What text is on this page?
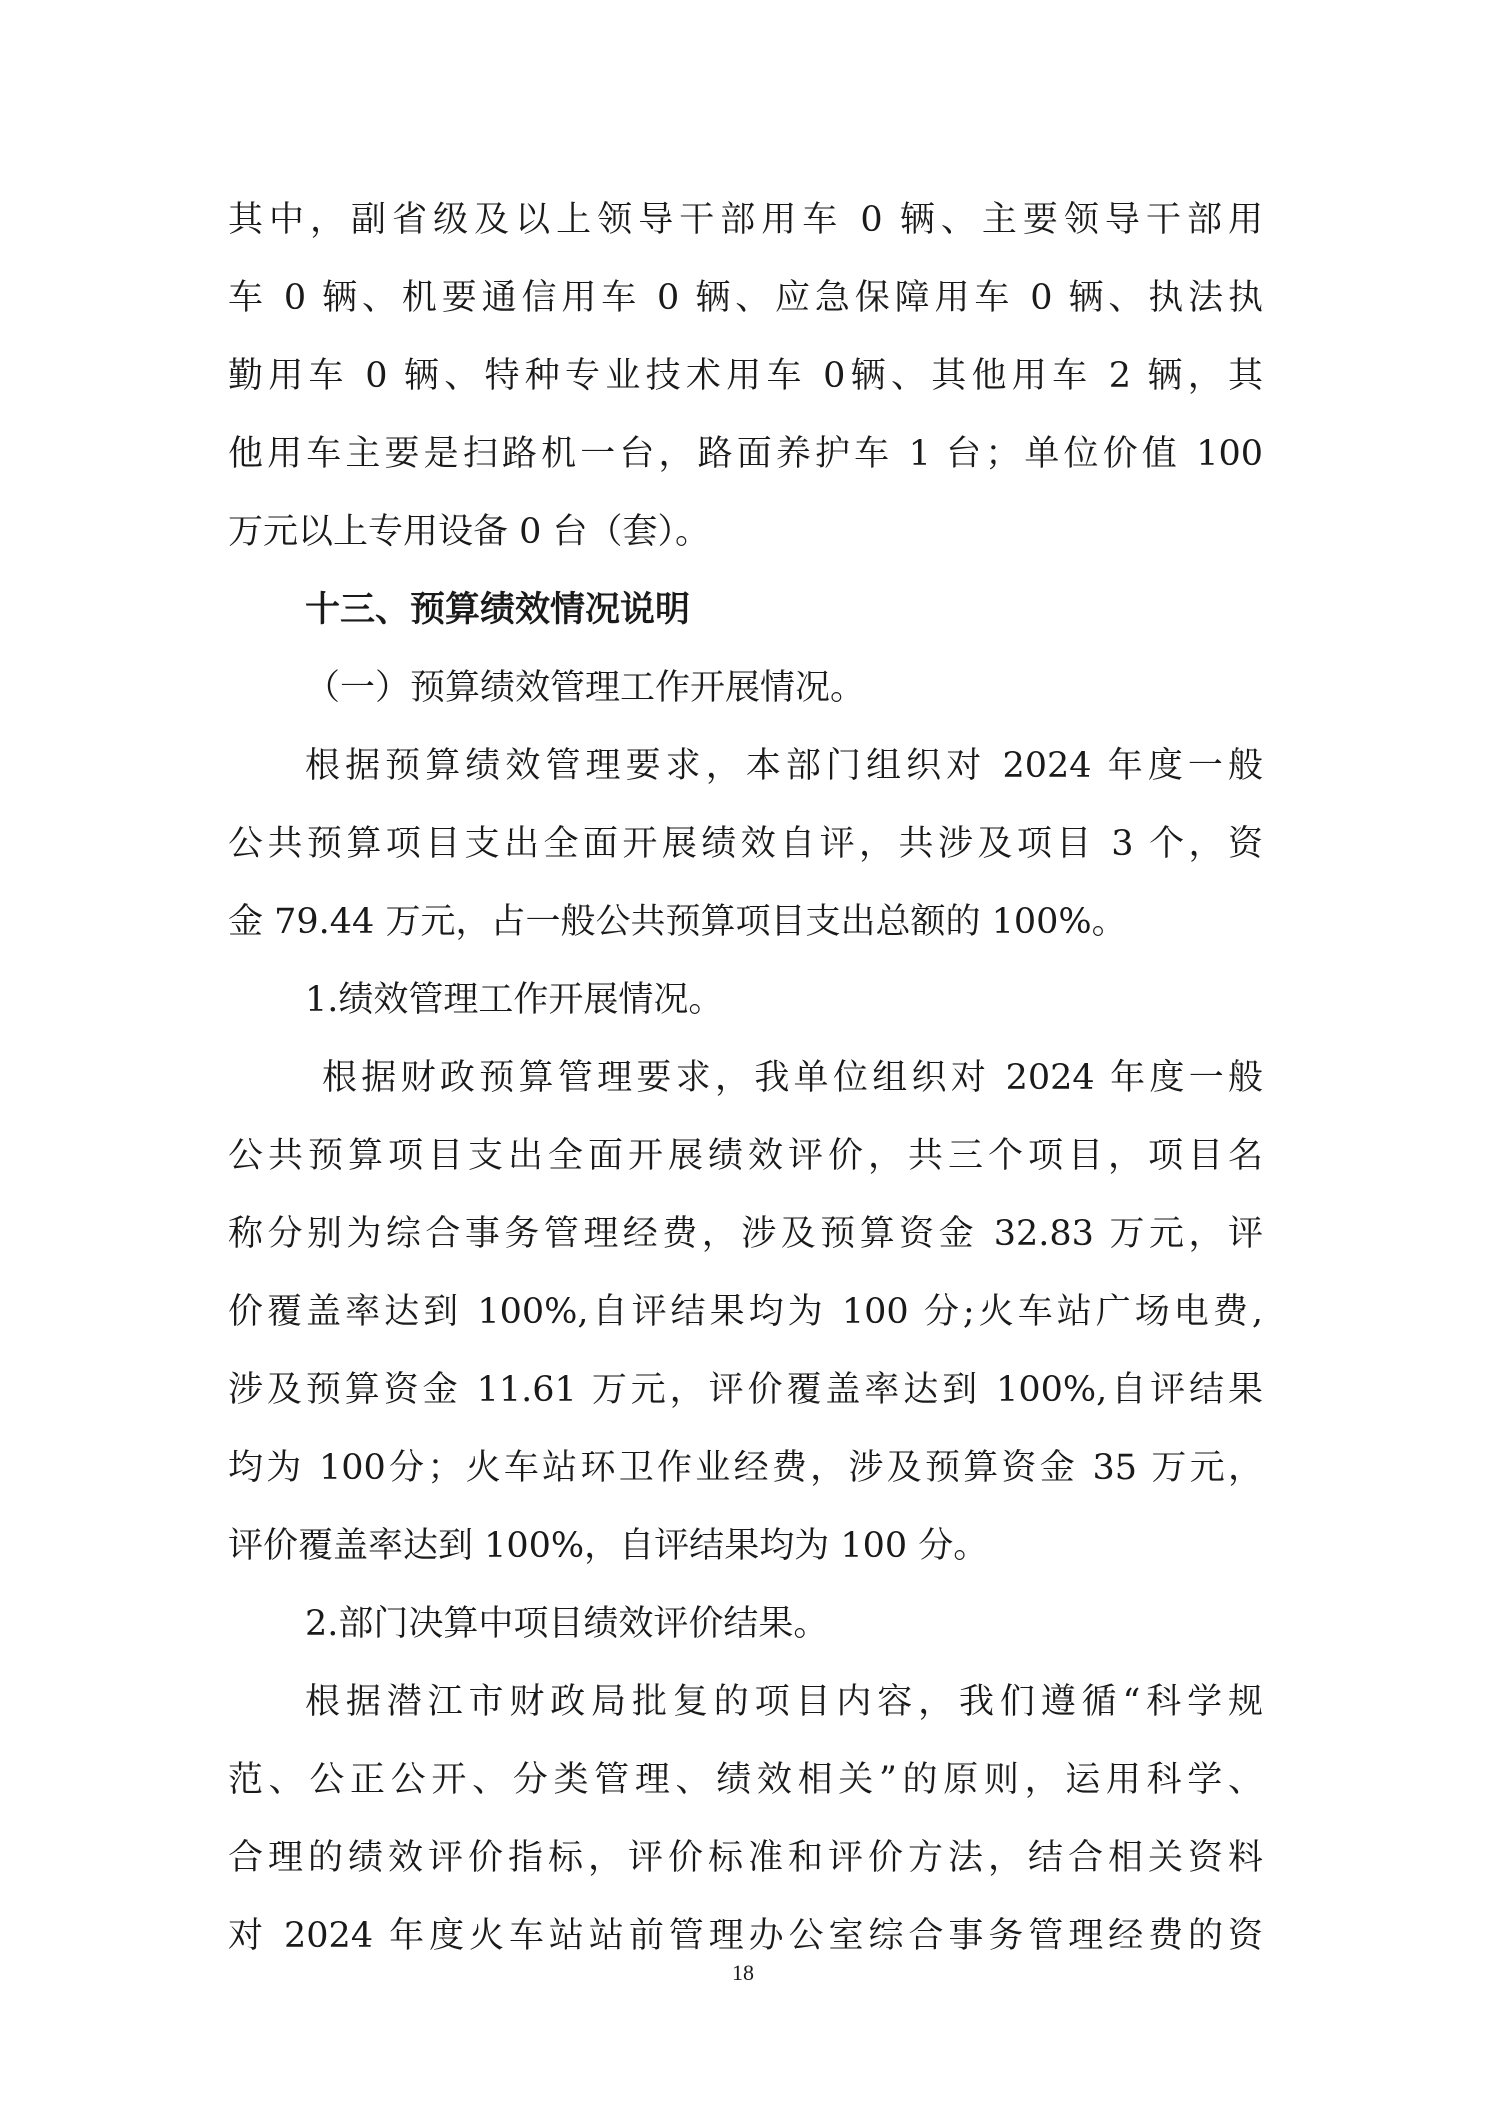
其中，副省级及以上领导干部用车 0 辆、主要领导干部用
车 0 辆、机要通信用车 0 辆、应急保障用车 0 辆、执法执
勤用车 0 辆、特种专业技术用车 0辆、其他用车 2 辆，其
他用车主要是扫路机一台，路面养护车 1 台；单位价值 100
万元以上专用设备 0 台（套）。
十三、预算绩效情况说明
（一）预算绩效管理工作开展情况。
根据预算绩效管理要求，本部门组织对 2024 年度一般
公共预算项目支出全面开展绩效自评，共涉及项目 3 个，资
金 79.44 万元，占一般公共预算项目支出总额的 100%。
1.绩效管理工作开展情况。
根据财政预算管理要求，我单位组织对 2024 年度一般
公共预算项目支出全面开展绩效评价，共三个项目，项目名
称分别为综合事务管理经费，涉及预算资金 32.83 万元，评
价覆盖率达到 100%,自评结果均为 100 分;火车站广场电费,
涉及预算资金 11.61 万元，评价覆盖率达到 100%,自评结果
均为 100分；火车站环卫作业经费，涉及预算资金 35 万元，
评价覆盖率达到 100%，自评结果均为 100 分。
2.部门决算中项目绩效评价结果。
根据潜江市财政局批复的项目内容，我们遵循“科学规
范、公正公开、分类管理、绩效相关”的原则，运用科学、
合理的绩效评价指标，评价标准和评价方法，结合相关资料
对 2024 年度火车站站前管理办公室综合事务管理经费的资
18
